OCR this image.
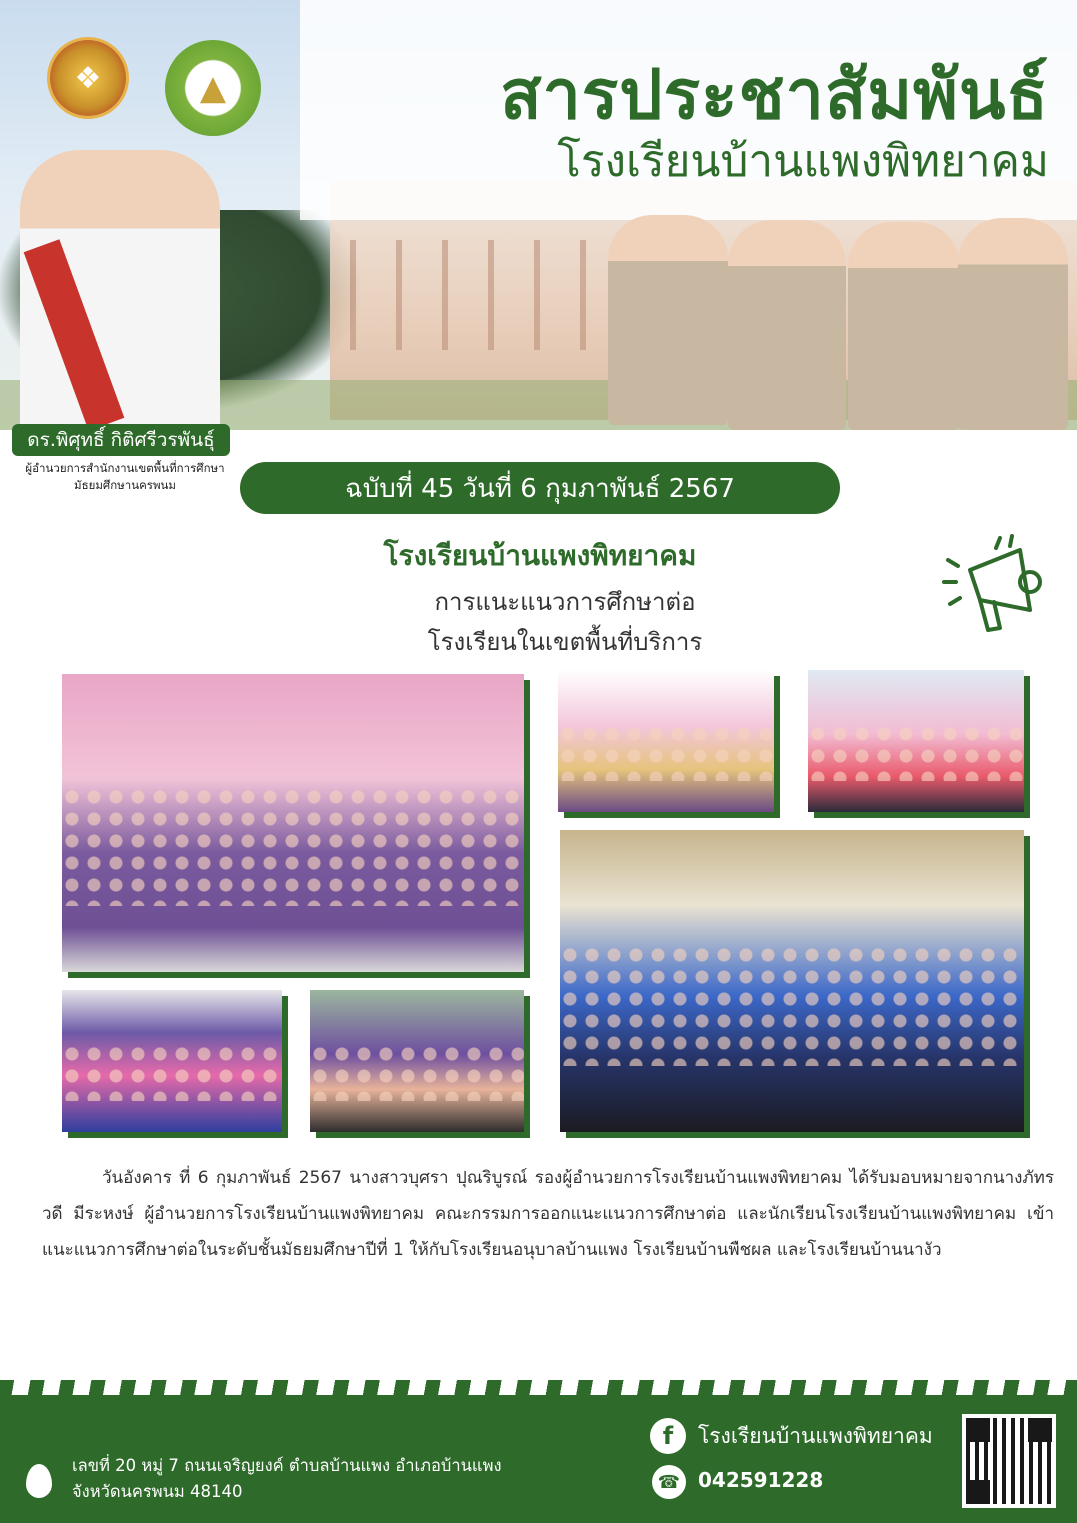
❖	▲	สารประชาสัมพันธ์
โรงเรียนบ้านแพงพิทยาคม
ดร.พิศุทธิ์ กิติศรีวรพันธุ์
ผู้อำนวยการสำนักงานเขตพื้นที่การศึกษา
มัธยมศึกษานครพนม	ฉบับที่ 45 วันที่ 6 กุมภาพันธ์ 2567
โรงเรียนบ้านแพงพิทยาคม
การแนะแนวการศึกษาต่อ
โรงเรียนในเขตพื้นที่บริการ
วันอังคาร ที่ 6 กุมภาพันธ์ 2567 นางสาวบุศรา ปุณริบูรณ์ รองผู้อำนวยการโรงเรียนบ้านแพงพิทยาคม ได้รับมอบหมายจากนางภัทรวดี มีระหงษ์ ผู้อำนวยการโรงเรียนบ้านแพงพิทยาคม คณะกรรมการออกแนะแนวการศึกษาต่อ และนักเรียนโรงเรียนบ้านแพงพิทยาคม เข้าแนะแนวการศึกษาต่อในระดับชั้นมัธยมศึกษาปีที่ 1 ให้กับโรงเรียนอนุบาลบ้านแพง โรงเรียนบ้านพืชผล และโรงเรียนบ้านนางัว
เลขที่ 20 หมู่ 7 ถนนเจริญยงค์ ตำบลบ้านแพง อำเภอบ้านแพง
จังหวัดนครพนม 48140
f	โรงเรียนบ้านแพงพิทยาคม
☎ 042591228
